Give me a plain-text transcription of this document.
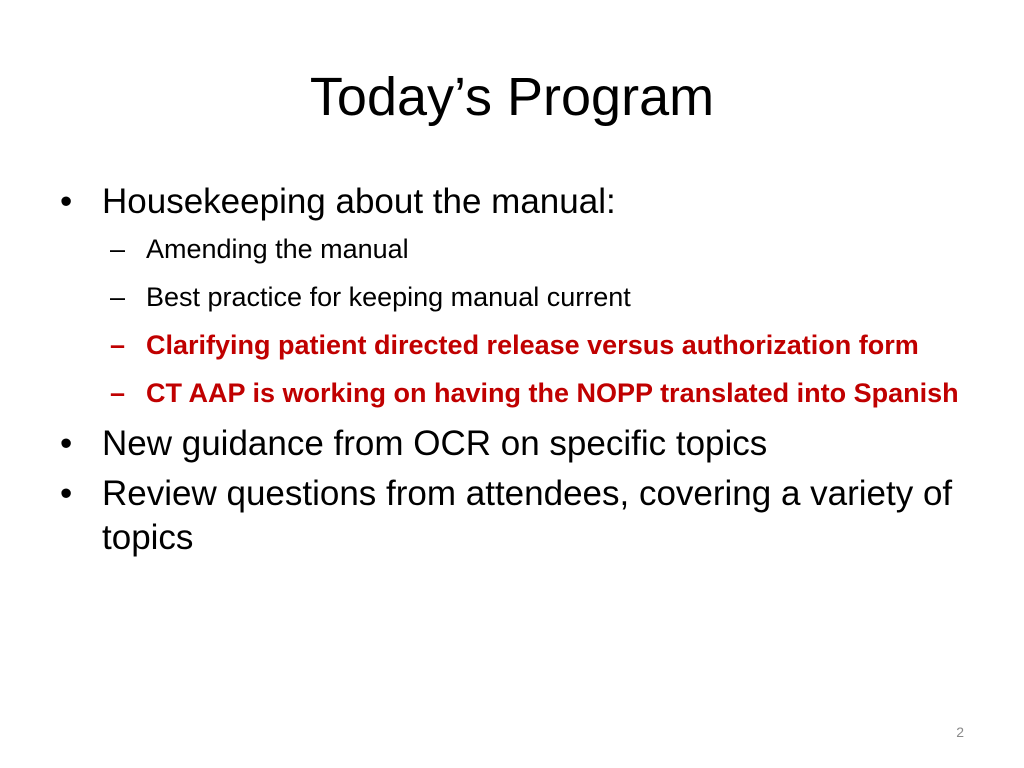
Today’s Program
• Housekeeping about the manual:
– Amending the manual
– Best practice for keeping manual current
– Clarifying patient directed release versus authorization form
– CT AAP is working on having the NOPP translated into Spanish
• New guidance from OCR on specific topics
• Review questions from attendees, covering a variety of topics
2
